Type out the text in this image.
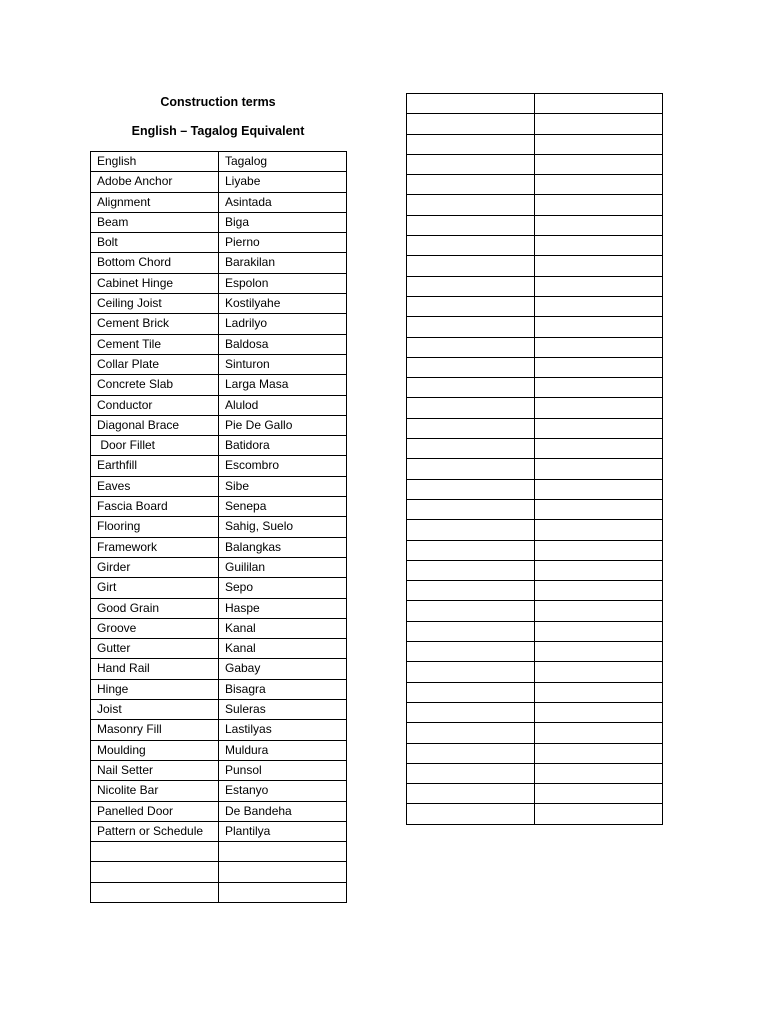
Construction terms
English – Tagalog Equivalent
English	Tagalog
Adobe Anchor	Liyabe
Alignment	Asintada
Beam	Biga
Bolt	Pierno
Bottom Chord	Barakilan
Cabinet Hinge	Espolon
Ceiling Joist	Kostilyahe
Cement Brick	Ladrilyo
Cement Tile	Baldosa
Collar Plate	Sinturon
Concrete Slab	Larga Masa
Conductor	Alulod
Diagonal Brace	Pie De Gallo
Door Fillet	Batidora
Earthfill	Escombro
Eaves	Sibe
Fascia Board	Senepa
Flooring	Sahig, Suelo
Framework	Balangkas
Girder	Guililan
Girt	Sepo
Good Grain	Haspe
Groove	Kanal
Gutter	Kanal
Hand Rail	Gabay
Hinge	Bisagra
Joist	Suleras
Masonry Fill	Lastilyas
Moulding	Muldura
Nail Setter	Punsol
Nicolite Bar	Estanyo
Panelled Door	De Bandeha
Pattern or Schedule	Plantilya
